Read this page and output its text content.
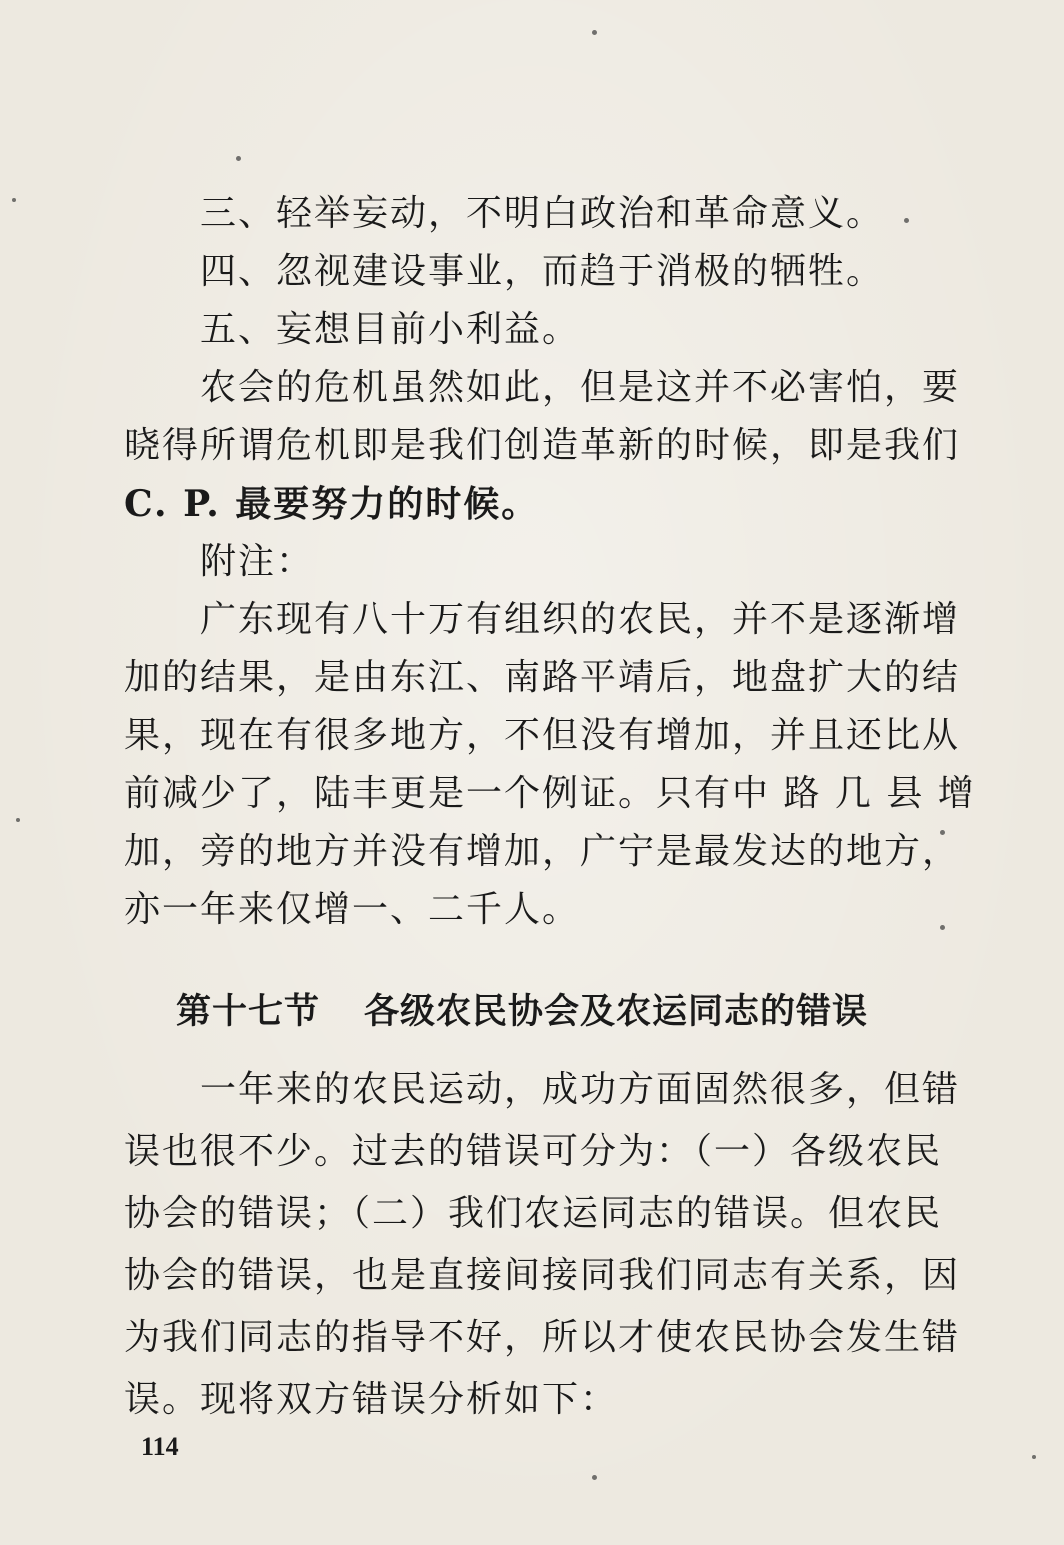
三、轻举妄动，不明白政治和革命意义。
四、忽视建设事业，而趋于消极的牺牲。
五、妄想目前小利益。
农会的危机虽然如此，但是这并不必害怕，要
晓得所谓危机即是我们创造革新的时候，即是我们
C. P. 最要努力的时候。
附注：
广东现有八十万有组织的农民，并不是逐渐增
加的结果，是由东江、南路平靖后，地盘扩大的结
果，现在有很多地方，不但没有增加，并且还比从
前减少了，陆丰更是一个例证。只有中 路 几 县 增
加，旁的地方并没有增加，广宁是最发达的地方，
亦一年来仅增一、二千人。
第十七节 各级农民协会及农运同志的错误
一年来的农民运动，成功方面固然很多，但错
误也很不少。过去的错误可分为：（一）各级农民
协会的错误；（二）我们农运同志的错误。但农民
协会的错误，也是直接间接同我们同志有关系，因
为我们同志的指导不好，所以才使农民协会发生错
误。现将双方错误分析如下：
114
